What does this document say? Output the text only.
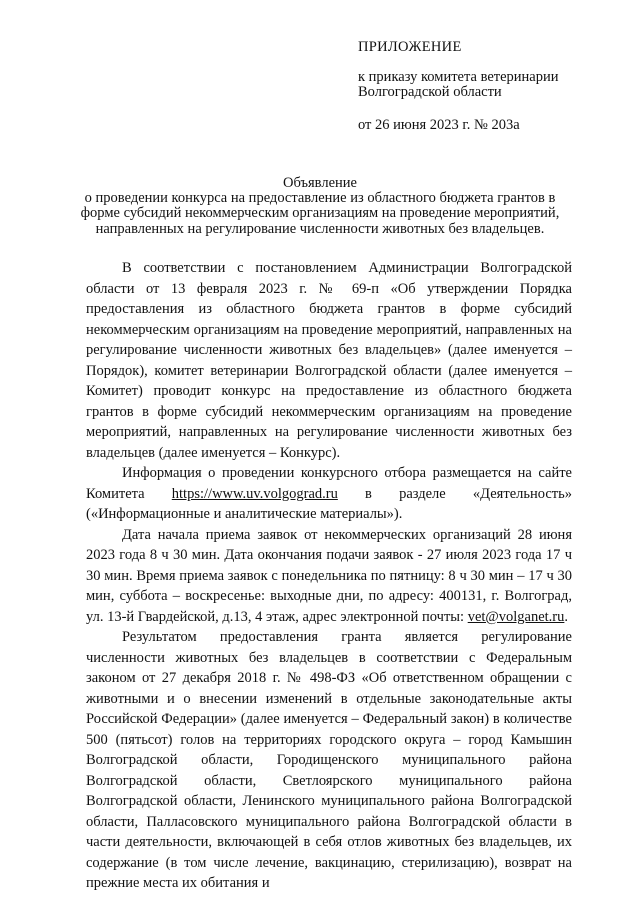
ПРИЛОЖЕНИЕ
к приказу комитета ветеринарии
Волгоградской области
от 26 июня 2023 г. № 203а
Объявление
о проведении конкурса на предоставление из областного бюджета грантов в форме субсидий некоммерческим организациям на проведение мероприятий, направленных на регулирование численности животных без владельцев.

В соответствии с постановлением Администрации Волгоградской области от 13 февраля 2023 г. № 69-п «Об утверждении Порядка предоставления из областного бюджета грантов в форме субсидий некоммерческим организациям на проведение мероприятий, направленных на регулирование численности животных без владельцев» (далее именуется – Порядок), комитет ветеринарии Волгоградской области (далее именуется – Комитет) проводит конкурс на предоставление из областного бюджета грантов в форме субсидий некоммерческим организациям на проведение мероприятий, направленных на регулирование численности животных без владельцев (далее именуется – Конкурс).

Информация о проведении конкурсного отбора размещается на сайте Комитета https://www.uv.volgograd.ru в разделе «Деятельность» («Информационные и аналитические материалы»).

Дата начала приема заявок от некоммерческих организаций 28 июня 2023 года 8 ч 30 мин. Дата окончания подачи заявок - 27 июля 2023 года 17 ч 30 мин. Время приема заявок с понедельника по пятницу: 8 ч 30 мин – 17 ч 30 мин, суббота – воскресенье: выходные дни, по адресу: 400131, г. Волгоград, ул. 13-й Гвардейской, д.13, 4 этаж, адрес электронной почты: vet@volganet.ru.

Результатом предоставления гранта является регулирование численности животных без владельцев в соответствии с Федеральным законом от 27 декабря 2018 г. № 498-ФЗ «Об ответственном обращении с животными и о внесении изменений в отдельные законодательные акты Российской Федерации» (далее именуется – Федеральный закон) в количестве 500 (пятьсот) голов на территориях городского округа – город Камышин Волгоградской области, Городищенского муниципального района Волгоградской области, Светлоярского муниципального района Волгоградской области, Ленинского муниципального района Волгоградской области, Палласовского муниципального района Волгоградской области в части деятельности, включающей в себя отлов животных без владельцев, их содержание (в том числе лечение, вакцинацию, стерилизацию), возврат на прежние места их обитания и
